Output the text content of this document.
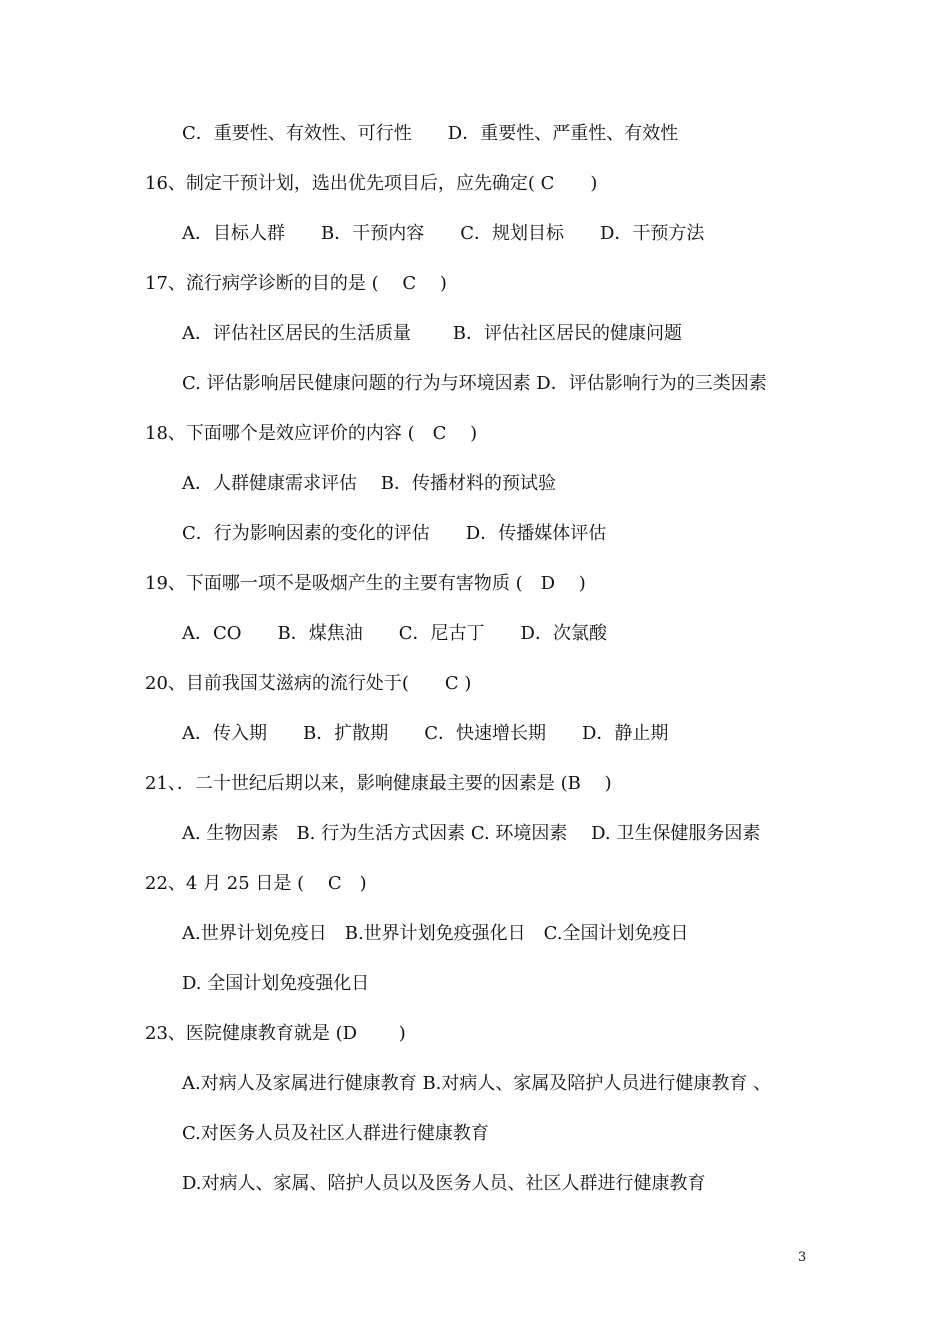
C．重要性、有效性、可行性　　D．重要性、严重性、有效性
16、制定干预计划，选出优先项目后，应先确定( C　　)
A．目标人群　　B．干预内容　　C．规划目标　　D．干预方法
17、流行病学诊断的目的是 (　 C　 )
A．评估社区居民的生活质量　　 B．评估社区居民的健康问题
C. 评估影响居民健康问题的行为与环境因素 D．评估影响行为的三类因素
18、下面哪个是效应评价的内容 (　C　 )
A．人群健康需求评估　 B．传播材料的预试验
C．行为影响因素的变化的评估　　D．传播媒体评估
19、下面哪一项不是吸烟产生的主要有害物质 (　D　 )
A．CO　　B．煤焦油　　C．尼古丁　　D．次氯酸
20、目前我国艾滋病的流行处于(　　C )
A．传入期　　B．扩散期　　C．快速增长期　　D．静止期
21、．二十世纪后期以来，影响健康最主要的因素是 (B　 )
A. 生物因素　B. 行为生活方式因素 C. 环境因素　 D. 卫生保健服务因素
22、4 月 25 日是 (　 C　)
A.世界计划免疫日　B.世界计划免疫强化日　C.全国计划免疫日
D. 全国计划免疫强化日
23、医院健康教育就是 (D　　 )
A.对病人及家属进行健康教育 B.对病人、家属及陪护人员进行健康教育 、
C.对医务人员及社区人群进行健康教育
D.对病人、家属、陪护人员以及医务人员、社区人群进行健康教育
3
